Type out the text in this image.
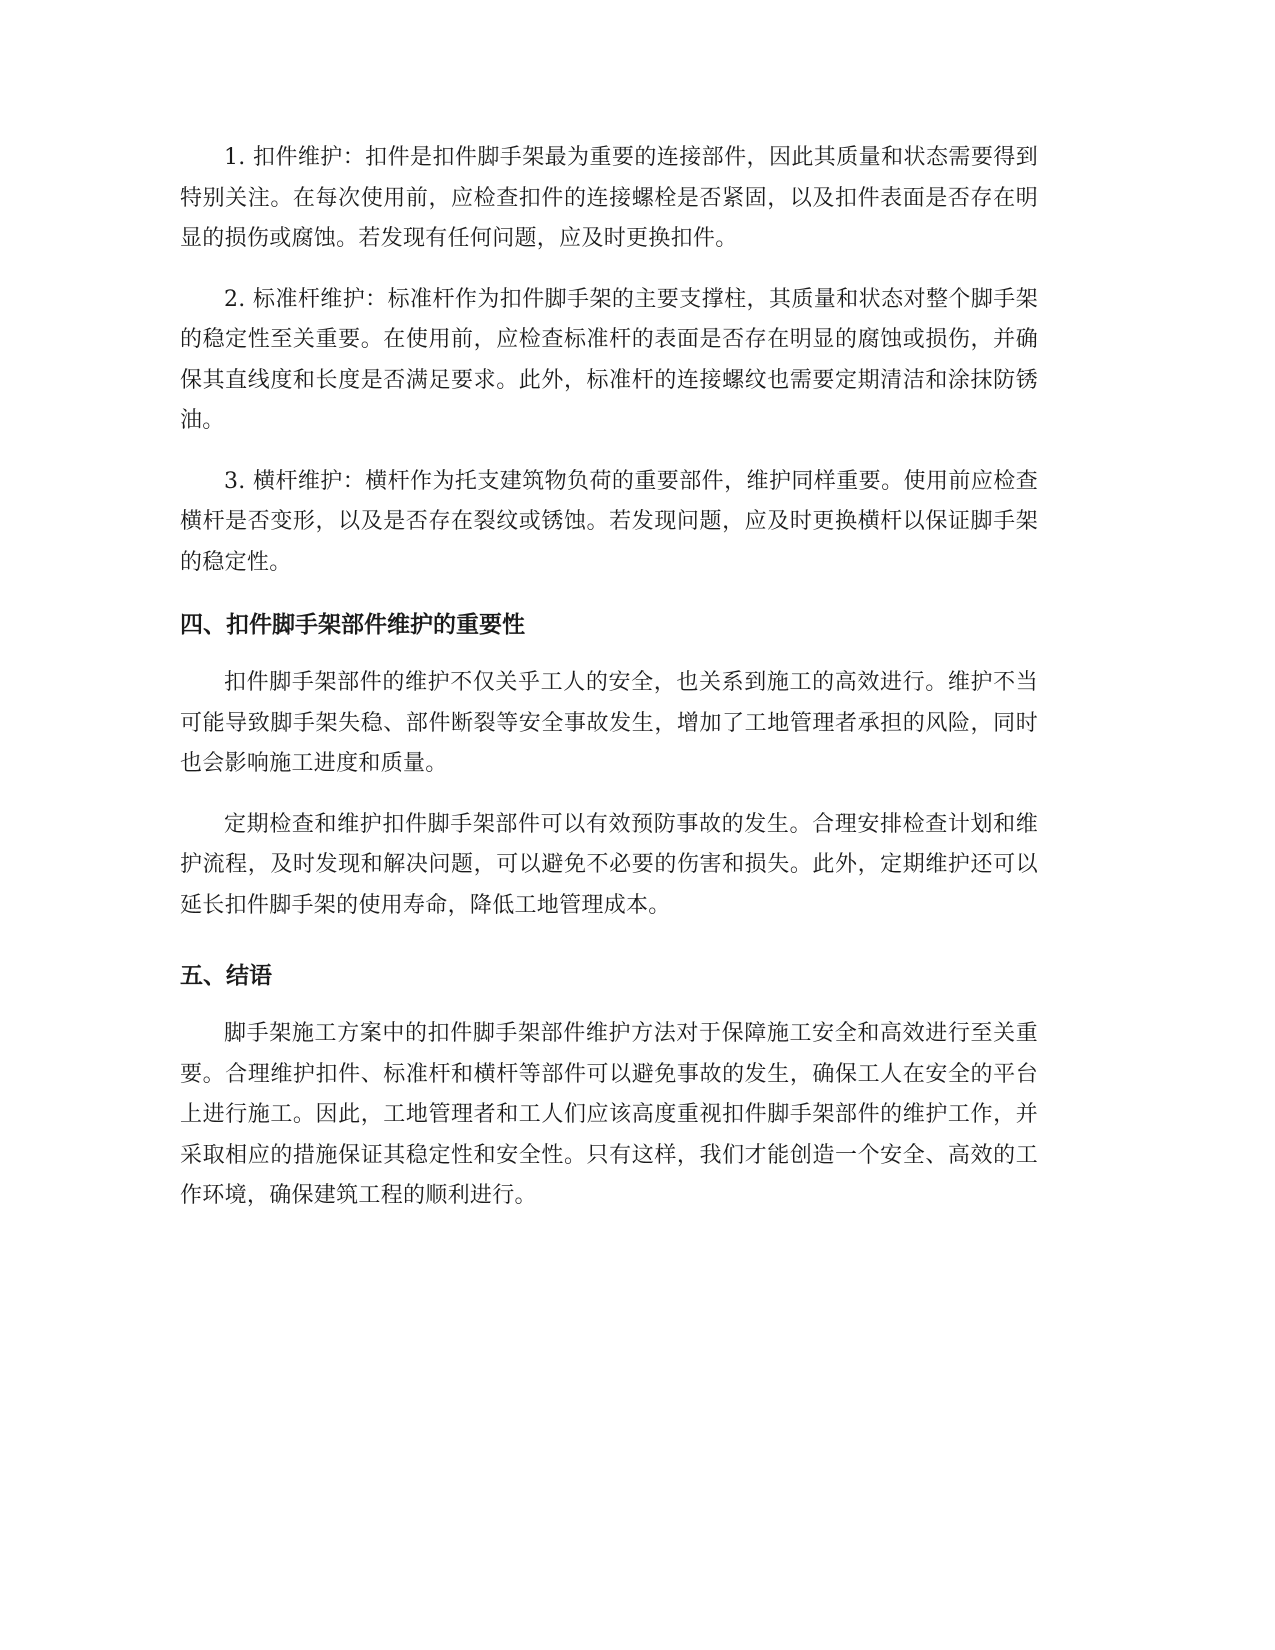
1. 扣件维护：扣件是扣件脚手架最为重要的连接部件，因此其质量和状态需要得到特别关注。在每次使用前，应检查扣件的连接螺栓是否紧固，以及扣件表面是否存在明显的损伤或腐蚀。若发现有任何问题，应及时更换扣件。

2. 标准杆维护：标准杆作为扣件脚手架的主要支撑柱，其质量和状态对整个脚手架的稳定性至关重要。在使用前，应检查标准杆的表面是否存在明显的腐蚀或损伤，并确保其直线度和长度是否满足要求。此外，标准杆的连接螺纹也需要定期清洁和涂抹防锈油。

3. 横杆维护：横杆作为托支建筑物负荷的重要部件，维护同样重要。使用前应检查横杆是否变形，以及是否存在裂纹或锈蚀。若发现问题，应及时更换横杆以保证脚手架的稳定性。

四、扣件脚手架部件维护的重要性

扣件脚手架部件的维护不仅关乎工人的安全，也关系到施工的高效进行。维护不当可能导致脚手架失稳、部件断裂等安全事故发生，增加了工地管理者承担的风险，同时也会影响施工进度和质量。

定期检查和维护扣件脚手架部件可以有效预防事故的发生。合理安排检查计划和维护流程，及时发现和解决问题，可以避免不必要的伤害和损失。此外，定期维护还可以延长扣件脚手架的使用寿命，降低工地管理成本。

五、结语

脚手架施工方案中的扣件脚手架部件维护方法对于保障施工安全和高效进行至关重要。合理维护扣件、标准杆和横杆等部件可以避免事故的发生，确保工人在安全的平台上进行施工。因此，工地管理者和工人们应该高度重视扣件脚手架部件的维护工作，并采取相应的措施保证其稳定性和安全性。只有这样，我们才能创造一个安全、高效的工作环境，确保建筑工程的顺利进行。
